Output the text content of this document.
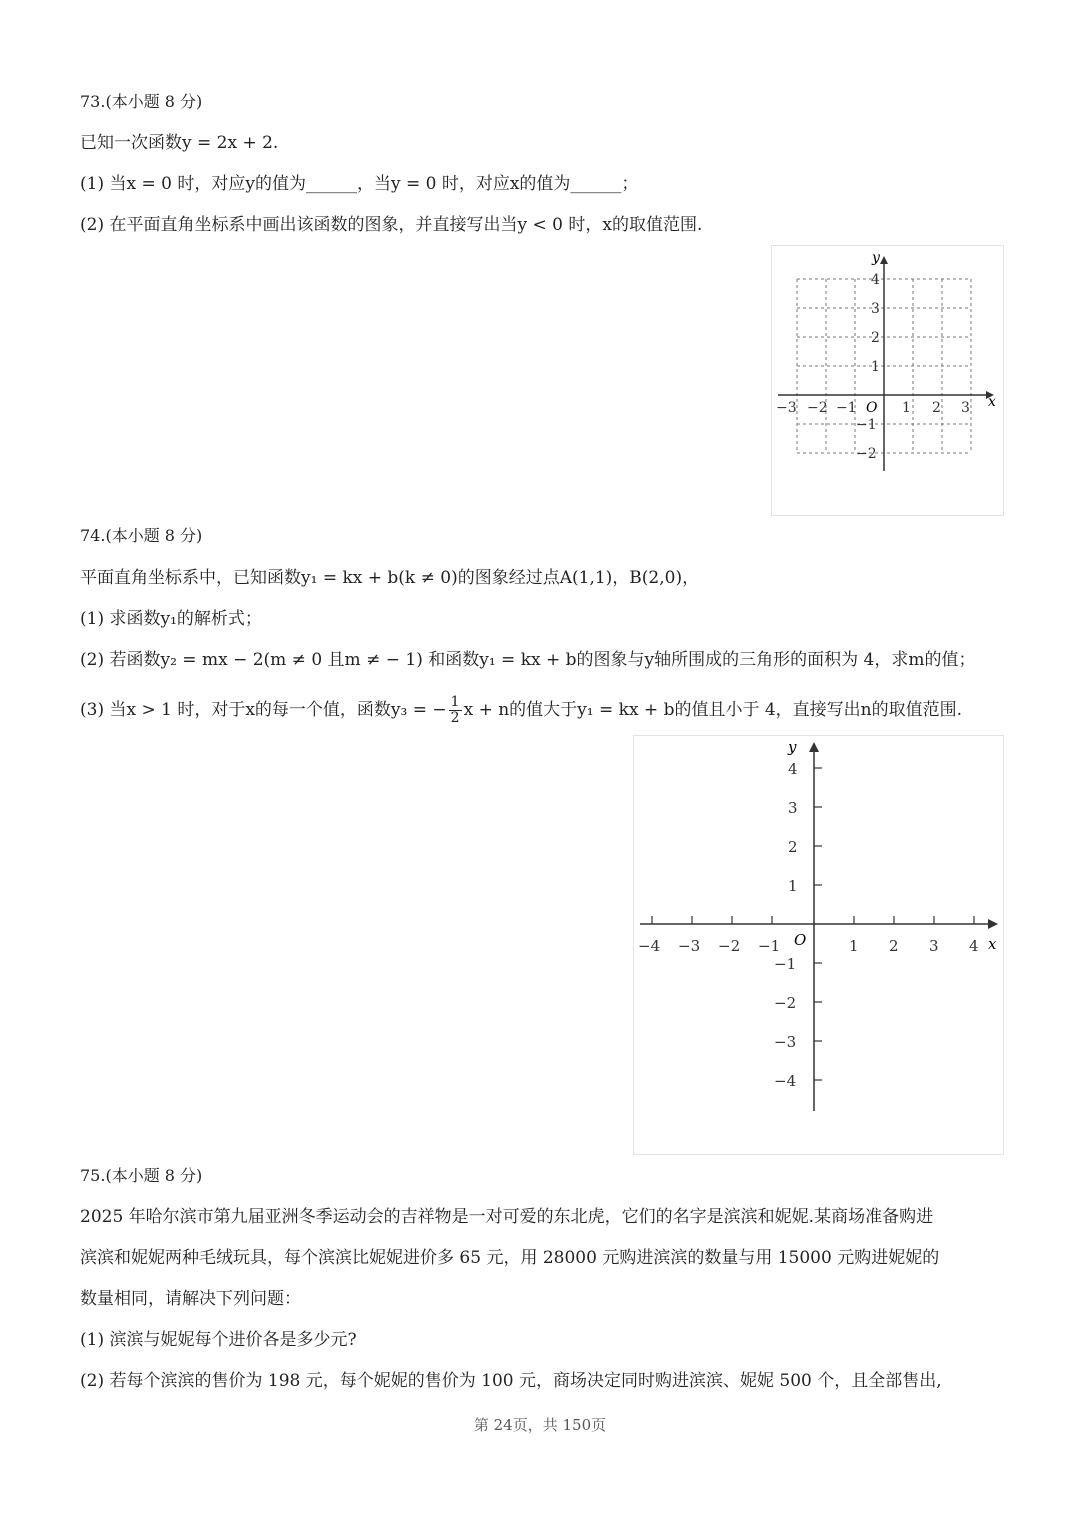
73.(本小题 8 分)
已知一次函数y = 2x + 2.
(1) 当x = 0 时，对应y的值为______，当y = 0 时，对应x的值为______；
(2) 在平面直角坐标系中画出该函数的图象，并直接写出当y < 0 时，x的取值范围.
x
y
O
−3 −2 −1	1 2 3
4
3
2
1
−1
−2
74.(本小题 8 分)
平面直角坐标系中，已知函数y₁ = kx + b(k ≠ 0)的图象经过点A(1,1)，B(2,0)，
(1) 求函数y₁的解析式；
(2) 若函数y₂ = mx − 2(m ≠ 0 且m ≠ − 1) 和函数y₁ = kx + b的图象与y轴所围成的三角形的面积为 4，求m的值；
(3) 当x > 1 时，对于x的每一个值，函数y₃ = − $\frac{1}{2}$ x + n的值大于y₁ = kx + b的值且小于 4，直接写出n的取值范围.
x
y
O
−4 −3 −2 −1	1 2 3 4
4
3
2
1
−1
−2
−3
−4
75.(本小题 8 分)
2025 年哈尔滨市第九届亚洲冬季运动会的吉祥物是一对可爱的东北虎，它们的名字是滨滨和妮妮.某商场准备购进
滨滨和妮妮两种毛绒玩具，每个滨滨比妮妮进价多 65 元，用 28000 元购进滨滨的数量与用 15000 元购进妮妮的
数量相同，请解决下列问题：
(1) 滨滨与妮妮每个进价各是多少元?
(2) 若每个滨滨的售价为 198 元，每个妮妮的售价为 100 元，商场决定同时购进滨滨、妮妮 500 个，且全部售出,
第 24页，共 150页
